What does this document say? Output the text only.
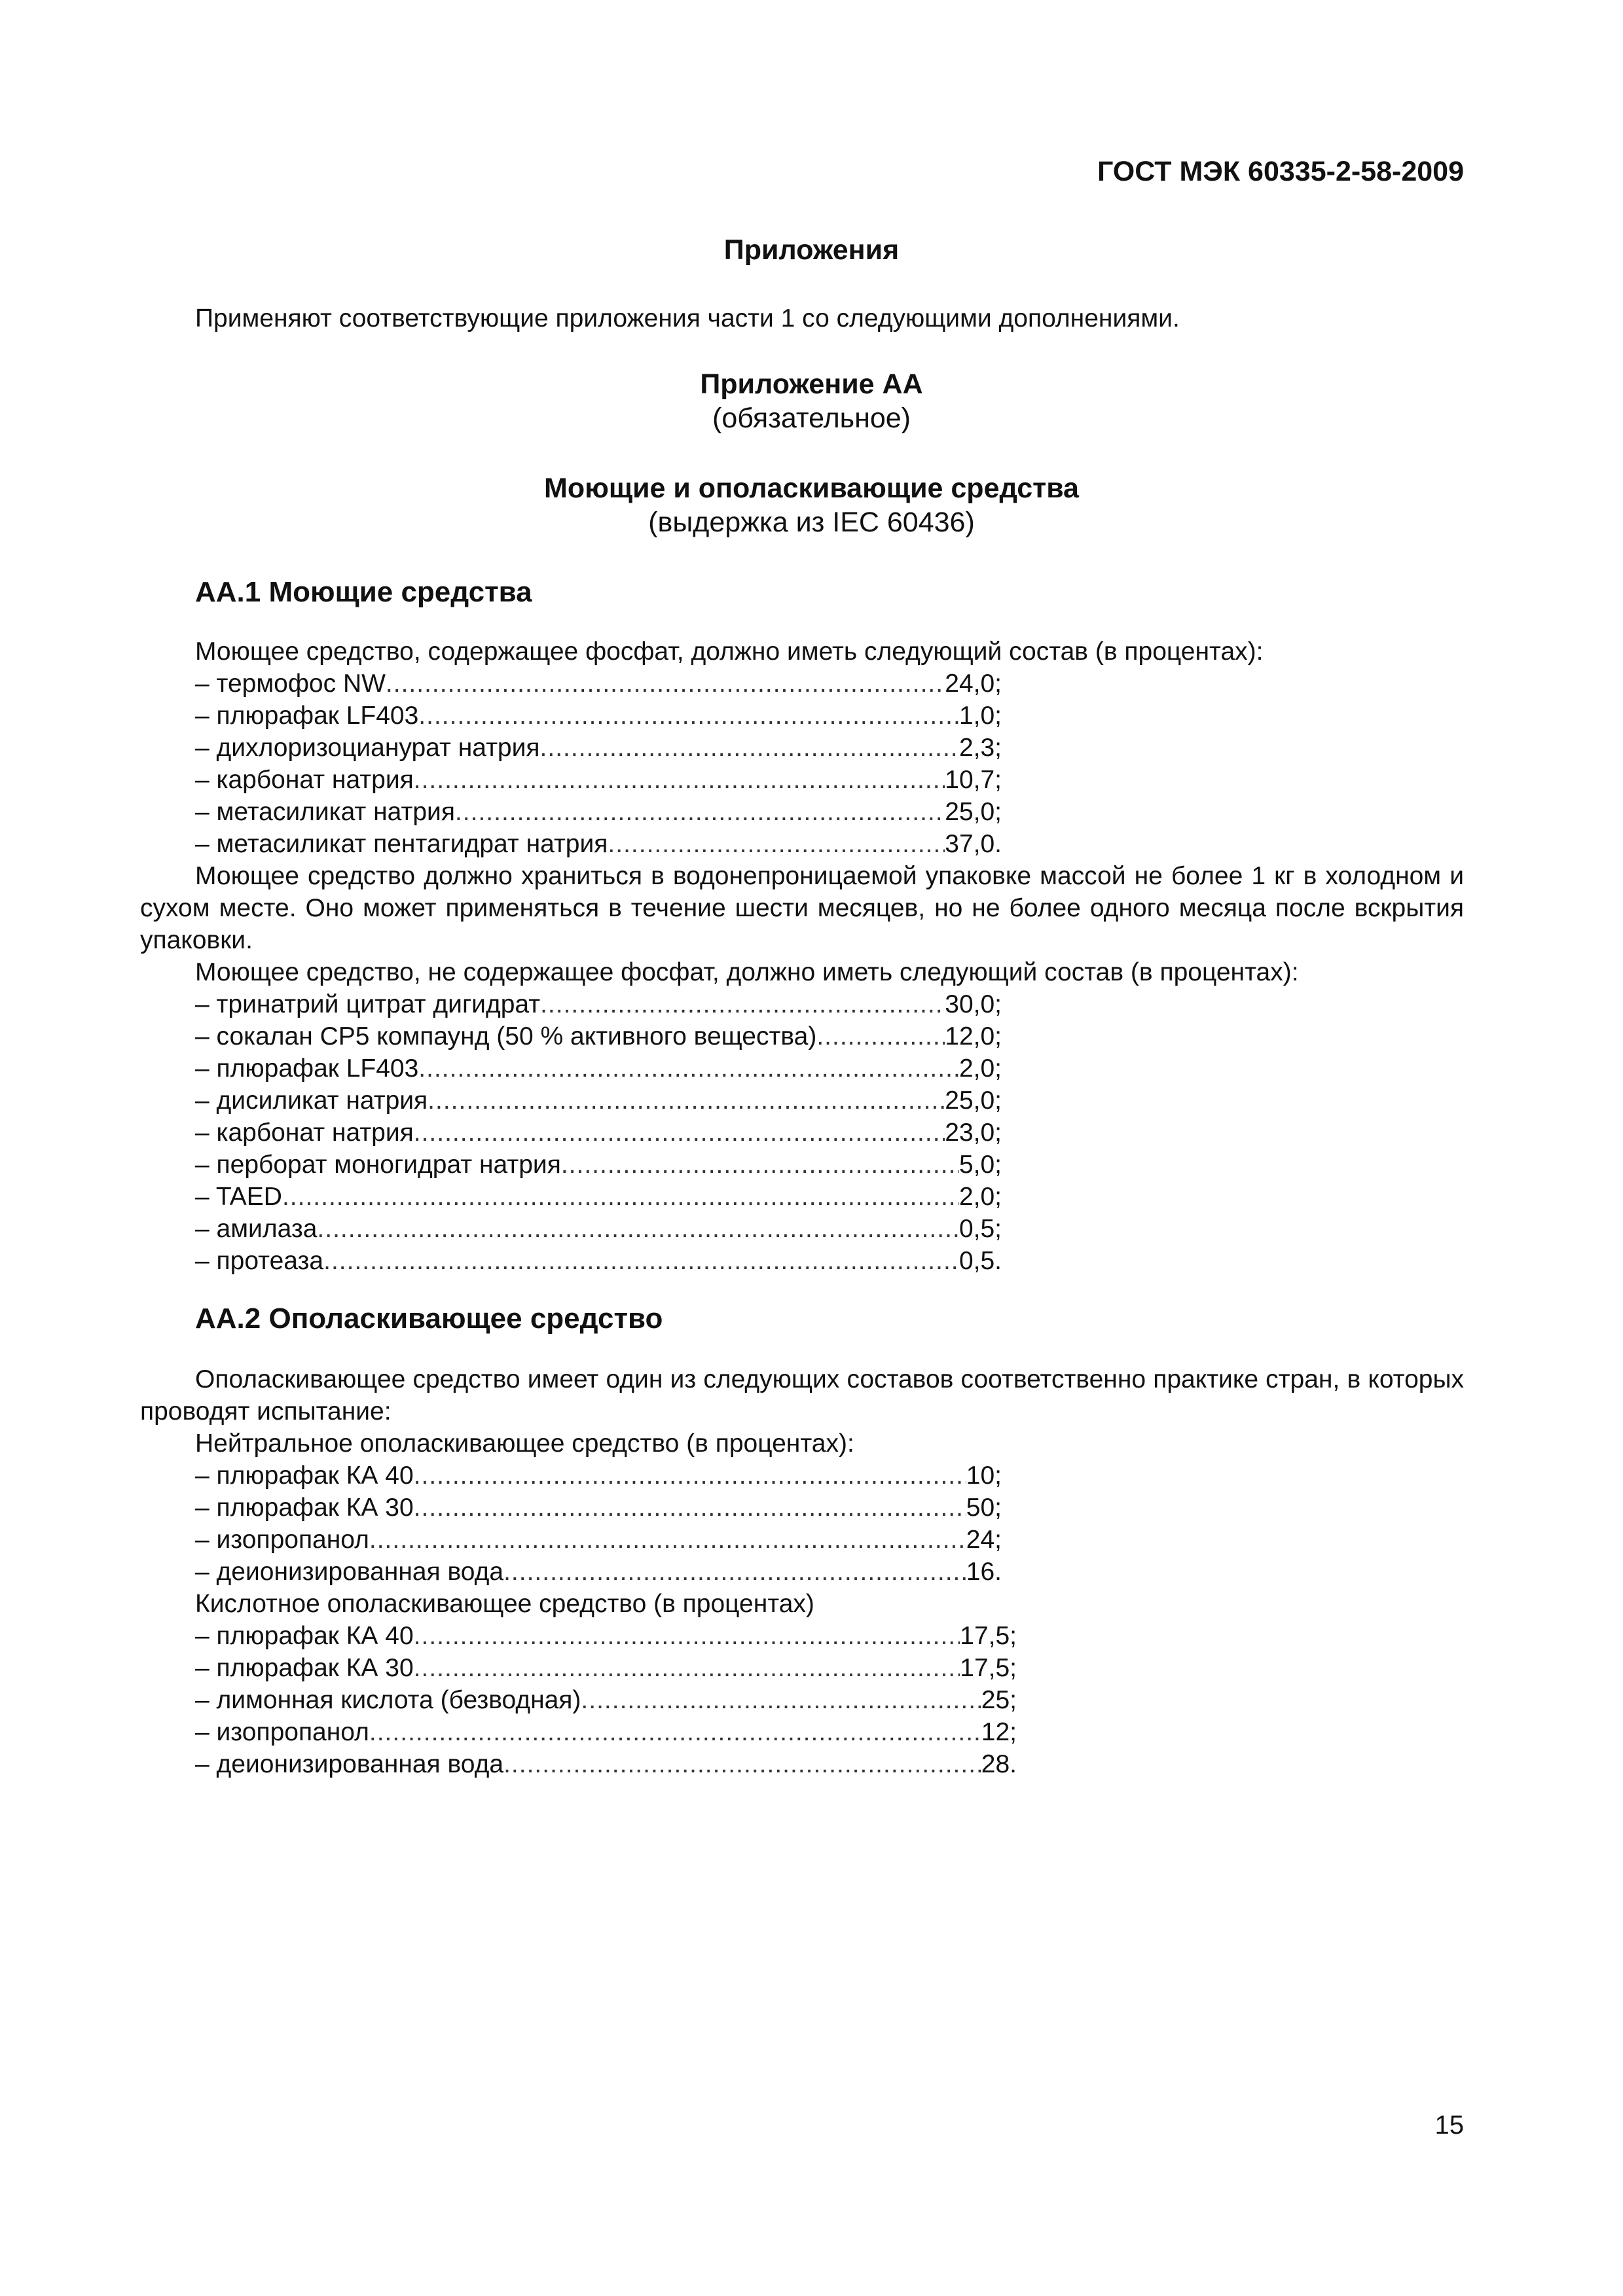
ГОСТ МЭК 60335-2-58-2009
Приложения
Применяют соответствующие приложения части 1 со следующими дополнениями.
Приложение АА
(обязательное)
Моющие и ополаскивающие средства
(выдержка из IEC 60436)
АА.1 Моющие средства
Моющее средство, содержащее фосфат, должно иметь следующий состав (в процентах):
– термофос NW .....	24,0;
– плюрафак LF403 .....	1,0;
– дихлоризоцианурат натрия .....	2,3;
– карбонат натрия .....	10,7;
– метасиликат натрия .....	25,0;
– метасиликат пентагидрат натрия .....	37,0.
Моющее средство должно храниться в водонепроницаемой упаковке массой не более 1 кг в холодном и сухом месте. Оно может применяться в течение шести месяцев, но не более одного месяца после вскрытия упаковки.
Моющее средство, не содержащее фосфат, должно иметь следующий состав (в процентах):
– тринатрий цитрат дигидрат .....	30,0;
– сокалан CP5 компаунд (50 % активного вещества) .....	12,0;
– плюрафак LF403 .....	2,0;
– дисиликат натрия .....	25,0;
– карбонат натрия .....	23,0;
– перборат моногидрат натрия .....	5,0;
– TAED .....	2,0;
– амилаза .....	0,5;
– протеаза .....	0,5.
АА.2 Ополаскивающее средство
Ополаскивающее средство имеет один из следующих составов соответственно практике стран, в которых проводят испытание:
Нейтральное ополаскивающее средство (в процентах):
– плюрафак КА 40 .....	10;
– плюрафак КА 30 .....	50;
– изопропанол .....	24;
– деионизированная вода .....	16.
Кислотное ополаскивающее средство (в процентах)
– плюрафак КА 40 .....	17,5;
– плюрафак КА 30 .....	17,5;
– лимонная кислота (безводная) .....	25;
– изопропанол .....	12;
– деионизированная вода .....	28.
15
